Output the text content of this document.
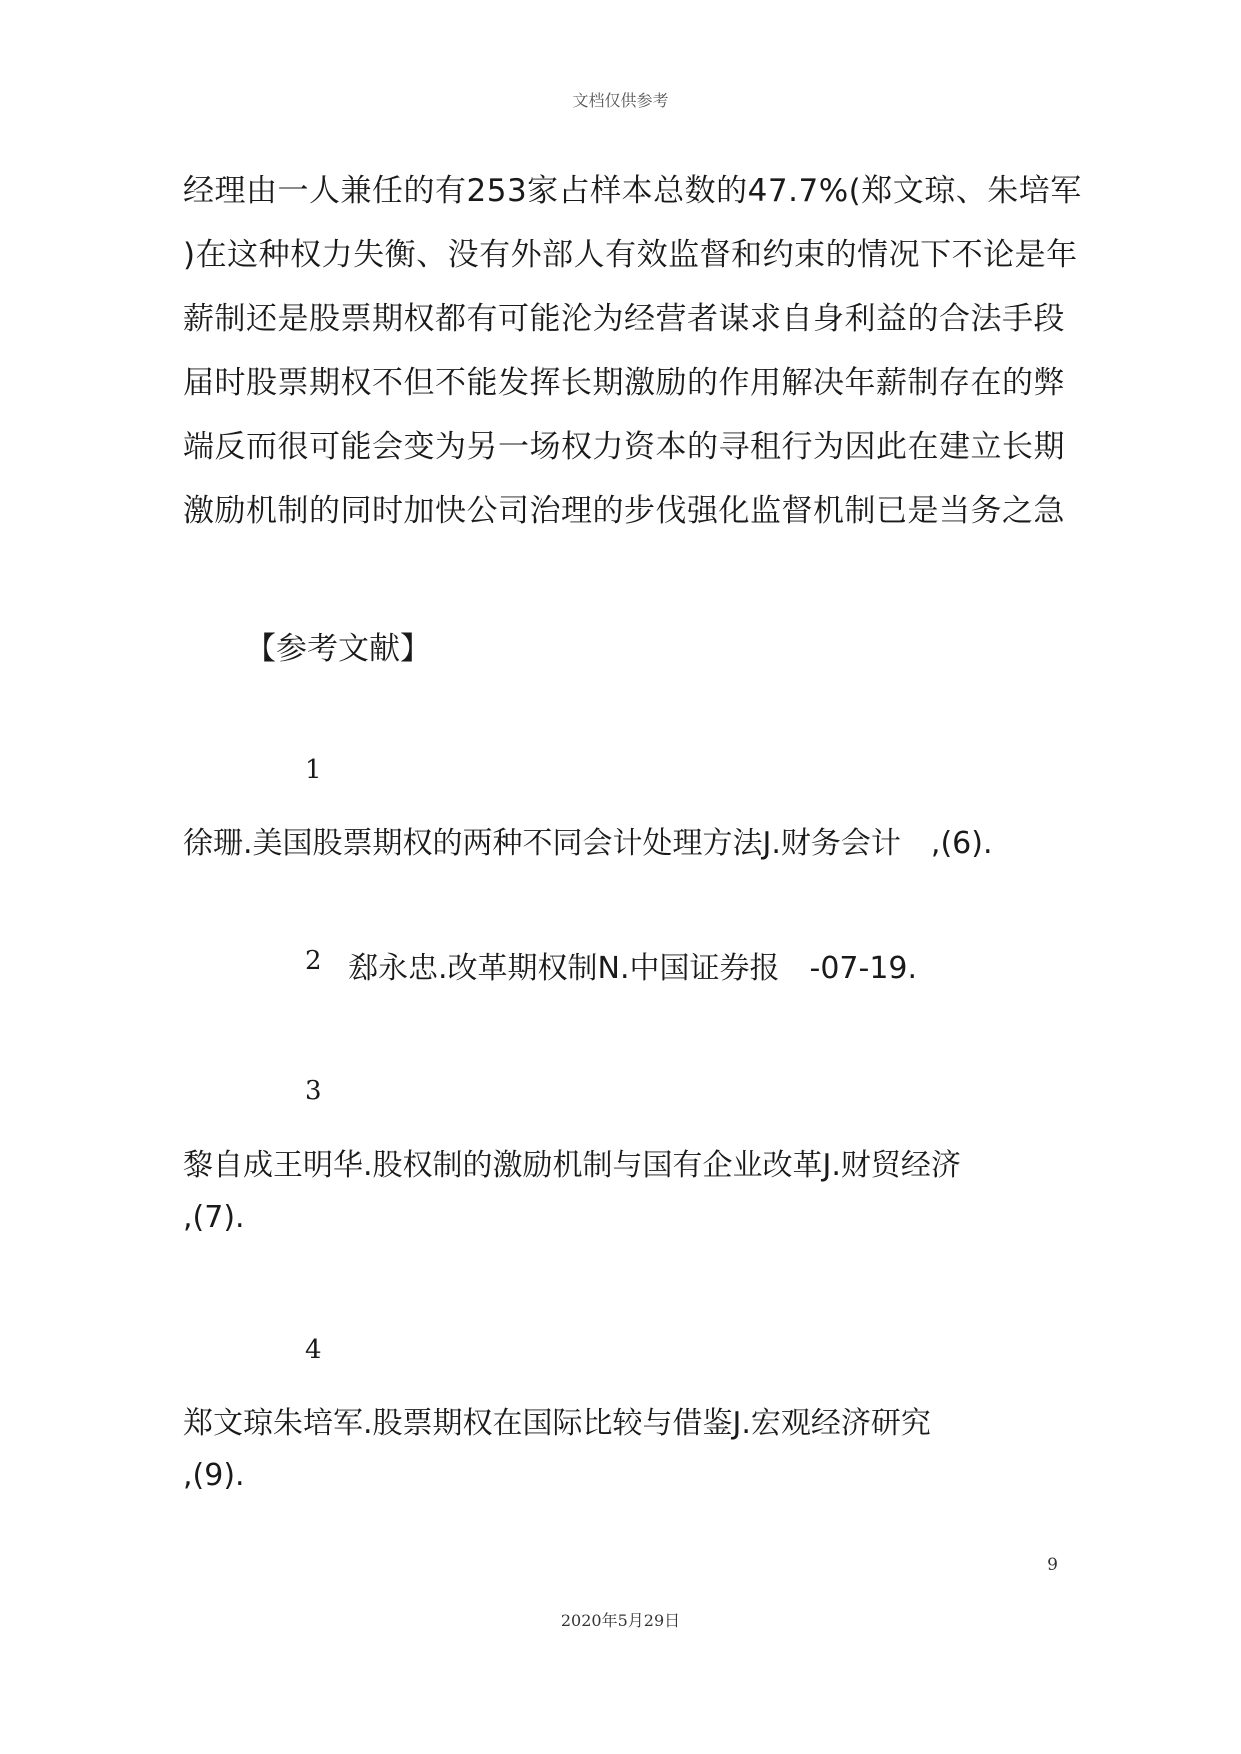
文档仅供参考
经理由一人兼任的有253家占样本总数的47.7%(郑文琼、朱培军
)在这种权力失衡、没有外部人有效监督和约束的情况下不论是年
薪制还是股票期权都有可能沦为经营者谋求自身利益的合法手段
届时股票期权不但不能发挥长期激励的作用解决年薪制存在的弊
端反而很可能会变为另一场权力资本的寻租行为因此在建立长期
激励机制的同时加快公司治理的步伐强化监督机制已是当务之急
【参考文献】
1
徐珊.美国股票期权的两种不同会计处理方法J.财务会计　,(6).
2 郄永忠.改革期权制N.中国证券报　-07-19.
3
黎自成王明华.股权制的激励机制与国有企业改革J.财贸经济
,(7).
4
郑文琼朱培军.股票期权在国际比较与借鉴J.宏观经济研究
,(9).
9
2020年5月29日
